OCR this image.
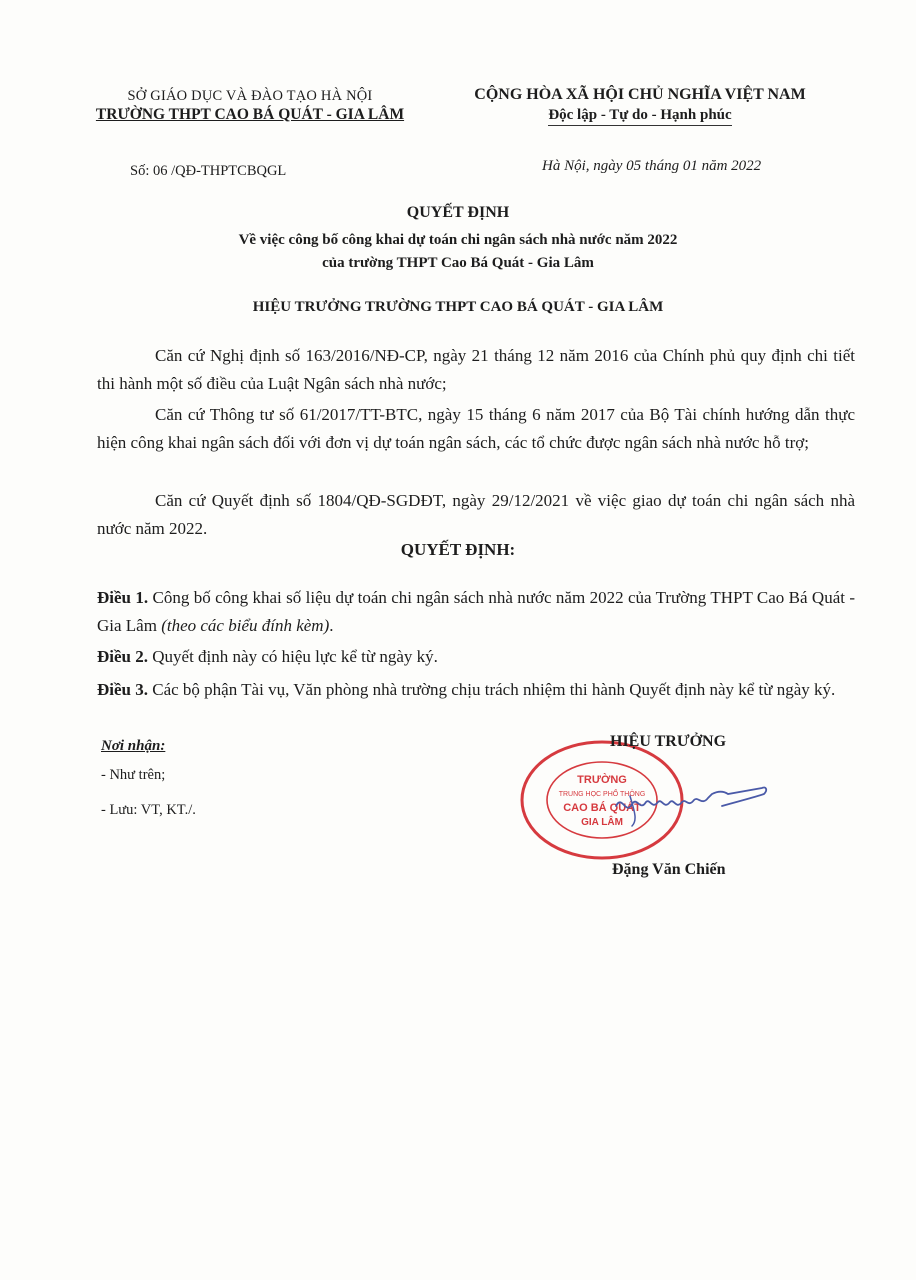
SỞ GIÁO DỤC VÀ ĐÀO TẠO HÀ NỘI
TRƯỜNG THPT CAO BÁ QUÁT - GIA LÂM
CỘNG HÒA XÃ HỘI CHỦ NGHĨA VIỆT NAM
Độc lập - Tự do - Hạnh phúc
Số: 06 /QĐ-THPTCBQGL	Hà Nội, ngày 05 tháng 01 năm 2022
QUYẾT ĐỊNH
Về việc công bố công khai dự toán chi ngân sách nhà nước năm 2022
của trường THPT Cao Bá Quát - Gia Lâm
HIỆU TRƯỞNG TRƯỜNG THPT CAO BÁ QUÁT - GIA LÂM
Căn cứ Nghị định số 163/2016/NĐ-CP, ngày 21 tháng 12 năm 2016 của Chính phủ quy định chi tiết thi hành một số điều của Luật Ngân sách nhà nước;
Căn cứ Thông tư số 61/2017/TT-BTC, ngày 15 tháng 6 năm 2017 của Bộ Tài chính hướng dẫn thực hiện công khai ngân sách đối với đơn vị dự toán ngân sách, các tổ chức được ngân sách nhà nước hỗ trợ;
Căn cứ Quyết định số 1804/QĐ-SGDĐT, ngày 29/12/2021 về việc giao dự toán chi ngân sách nhà nước năm 2022.
QUYẾT ĐỊNH:
Điều 1. Công bố công khai số liệu dự toán chi ngân sách nhà nước năm 2022 của Trường THPT Cao Bá Quát - Gia Lâm (theo các biểu đính kèm).
Điều 2. Quyết định này có hiệu lực kể từ ngày ký.
Điều 3. Các bộ phận Tài vụ, Văn phòng nhà trường chịu trách nhiệm thi hành Quyết định này kể từ ngày ký.
Nơi nhận:
- Như trên;
- Lưu: VT, KT./.
TRƯỜNG
TRUNG HỌC PHỔ THÔNG
CAO BÁ QUÁT
GIA LÂM
HIỆU TRƯỞNG
Đặng Văn Chiến
